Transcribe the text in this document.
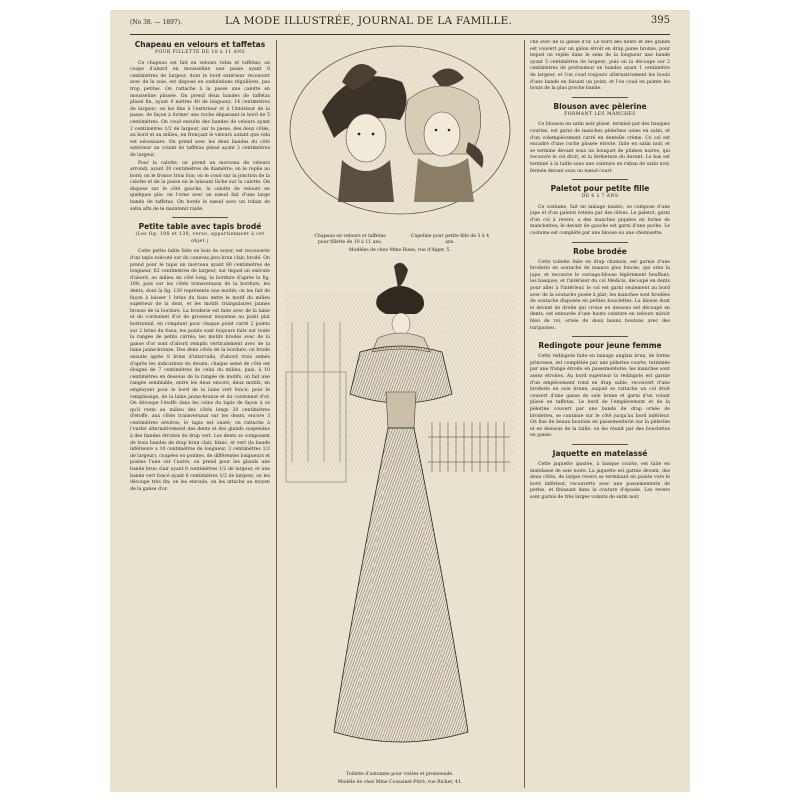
(No 38. — 1897).	LA MODE ILLUSTRÉE, JOURNAL DE LA FAMILLE.	395
Chapeau en velours et taffetas
POUR FILLETTE DE 10 à 11 ANS

Ce chapeau est fait en velours rubis et taffetas; on coupe d'abord en mousseline une passe ayant 8 centimètres de largeur, dont le bord extérieur recouvert avec de la soie, est disposé en ondulations régulières, pas trop petites. On rattache à la passe une calotte en mousseline plissée. On prend deux bandes de taffetas plissé fin, ayant 4 mètres 40 de longueur, 14 centimètres de largeur; on les fixe à l'extérieur et à l'intérieur de la passe, de façon à former une ruche dépassant le bord de 5 centimètres. On coud ensuite des bandes de velours ayant 2 centimètres 1/2 de largeur, sur la passe, des deux côtés, au bord et au milieu, en fronçant le velours autant que cela est nécessaire. On prend avec les deux bandes du côté extérieur un volant de taffetas plissé ayant 3 centimètres de largeur.

Pour la calotte, on prend un morceau de velours arrondi, ayant 30 centimètres de diamètre; on le replie au bord; on le fronce trois fois; on le coud sur la jonction de la calotte et de la passe en le laissant lâche sur la calotte. On dispose sur le côté gauche, la calotte de velours en quelques plis; on l'orne avec un nœud fait d'une large bande de taffetas. On borde le nœud avec un ruban de satin afin de le maintenir raide.

Petite table avec tapis brodé
(Les fig. 108 et 130, verso, appartiennent à cet objet.)

Cette petite table faite en bois de noyer, est recouverte d'un tapis exécuté sur du canevas java brun clair, brodé. On prend pour le tapis un morceau ayant 80 centimètres de longueur, 62 centimètres de largeur, sur lequel on exécute d'abord, au milieu du côté long, la bordure d'après la fig. 108; puis sur les côtés transversaux de la bordure, les dents, dont la fig. 130 représente une moitié; on les fait de façon à laisser 1 brins du tissu entre le motif du milieu supérieur de la dent, et les motifs triangulaires jaunes bronze de la bordure. La broderie est faite avec de la laine et du cordonnet d'or de grosseur moyenne au point plat horizontal, en comptant pour chaque point carré 2 points sur 2 brins du tissu; les points sont toujours faits sur toute la rangée de petits carrés; les motifs brodés avec de la ganse d'or sont d'abord remplis verticalement avec de la laine jaune-bronze. Des deux côtés de la bordure, on brode ensuite après 8 brins d'intervalle, d'abord trois semés d'après les indications du dessin; chaque semé de côté est éloigné de 7 centimètres de celui du milieu; puis, à 10 centimètres en dessous de la rangée de motifs, on fait une rangée semblable; entre les deux encore, deux motifs, en employant pour le bord de la laine vert foncé; pour le remplissage, de la laine jaune-bronze et du cordonnet d'or. On découpe l'étoffe dans les coins du tapis de façon à ce qu'il reste au milieu des côtés longs 20 centimètres d'étoffe, aux côtés transversaux sur les dents, encore 3 centimètres environ; le tapis est ouaté; on rattache à l'ourlet alternativement des dents et des glands suspendus à des bandes étroites de drap vert. Les dents se composent de trois bandes de drap brun clair, blanc, et vert (la bande inférieure a 10 centimètres de longueur, 3 centimètres 1/2 de largeur), coupées en pointes, de différentes longueurs et posées l'une sur l'autre; on prend pour les glands une bande brun clair ayant 8 centimètres 1/2 de largeur, et une bande vert foncé ayant 6 centimètres 1/2 de largeur; on les découpe très fin; on les enroule, on les attache au moyen de la ganse d'or.

Chapeau en velours et taffetas pour fillette de 10 à 11 ans.
Capeline pour petite fille de 3 à 4 ans.
Modèles de chez Mme Risse, rue d'Alger, 5.
Toilette d'automne pour visites et promenade.
Modèle de chez Mme Coussinet-Pitré, rue Richer, 41.

che avec de la ganse d'or. Le bord des dents et des glands est couvert par un galon étroit en drap jaune bronze, pour lequel on replie dans le sens de la longueur une bande ayant 5 centimètres de largeur; puis on la découpe sur 2 centimètres de profondeur en bandes ayant 1 centimètre de largeur, et l'on coud toujours alternativement les bouts d'une bande en faisant un point; et l'on coud en pointe les bouts de la plus proche bande.

Blouson avec pèlerine
FORMANT LES MANCHES

Ce blouson en satin noir plissé, terminé par des basques courtes, est garni de manches pèlerines unies en satin, et d'un colempiècement carré en dentelle crème. Ce col est encadré d'une ruche plissée étroite, faite en satin noir, et se termine devant sous un bouquet de plumes noires, qui recouvre le col droit, et la fermeture du devant. Le bas est terminé à la taille sous une ceinture en ruban de satin noir, fermée devant sous un nœud court.

Paletot pour petite fille
DE 6 à 7 ANS

Ce costume, fait en lainage mastic, se compose d'une jupe et d'un paletot retenu par des olives. Le paletot, garni d'un col à revers, a des manches piquées en forme de manchettes; le devant de gauche est garni d'une poche. Le costume est complété par une blouse ou une chemisette.

Robe brodée

Cette toilette faite en drap chamois, est garnie d'une broderie en soutache de nuance plus foncée, qui orne la jupe, et recouvre le corsage-blouse légèrement bouffant; les basques, et l'intérieur du col Médicis, découpé en dents pour aller à l'intérieur, le col est garni seulement au bord avec de la soutache posée à plat; les manches sont brodées de soutache disposée en petites bouclettes. La blouse dont le devant de droite qui croise en dessous est découpé en dents, est entourée d'une haute ceinture en velours miroir bleu de roi, ornée de deux beaux boutons avec des turquoises.

Redingote pour jeune femme

Cette redingote faite en lainage anglais brun, de forme princesse, est complétée par une pèlerine courte, terminée par une frange étroite en passementerie; les manches sont assez étroites. Au bord supérieur la redingote est garnie d'un empiècement rond en drap sable, recouvert d'une broderie en soie brune, auquel se rattache un col droit couvert d'une ganse de soie brune et garni d'un volant plissé en taffetas. Le bord de l'empiècement et de la pèlerine couvert par une bande de drap ornée de broderies, se continue sur le côté jusqu'au bord inférieur. On fixe de beaux boutons en passementerie sur la pèlerine et en dessous de la taille; on les réunit par des bouclettes en ganse.

Jaquette en matelassé

Cette jaquette ajustée, à basque courte, est faite en matelassé de soie noire. La jaquette est garnie devant, des deux côtés, de larges revers se terminant en pointe vers le bord inférieur, recouverts avec une passementerie de perles, et finissant dans la couture d'épaule. Les revers sont garnis de très larges volants de satin noir,
